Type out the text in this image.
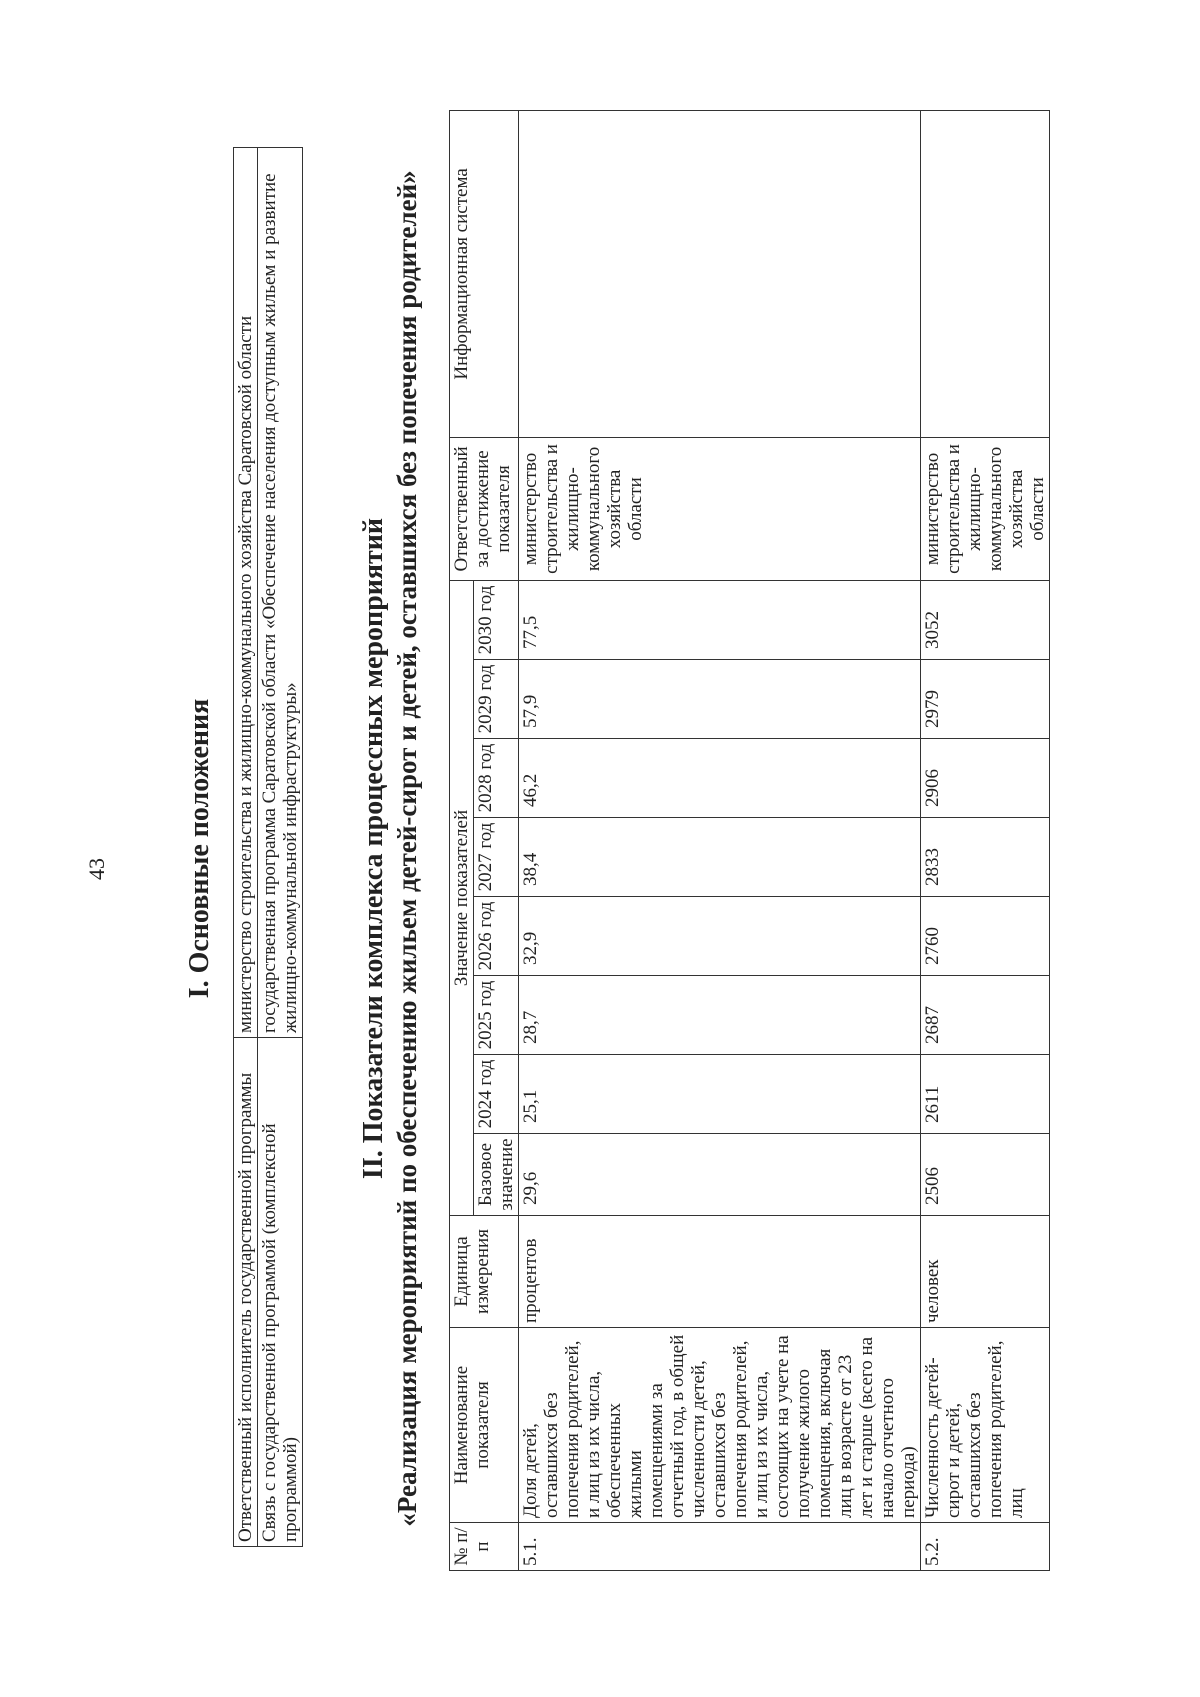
43	I. Основные положения
Ответственный исполнитель государственной программы	министерство строительства и жилищно-коммунального хозяйства Саратовской области
Связь с государственной программой (комплексной программой)	государственная программа Саратовской области «Обеспечение населения доступным жильем и развитие жилищно-коммунальной инфраструктуры» II. Показатели комплекса процессных мероприятий «Реализация мероприятий по обеспечению жильем детей-сирот и детей, оставшихся без попечения родителей»
№ п/п	Наименование показателя	Единица измерения	Значение показателей								Ответственный за достижение показателя	Информационная система
			Базовое значение	2024 год	2025 год	2026 год	2027 год	2028 год	2029 год	2030 год		
5.1.	Доля детей, оставшихся без попечения родителей, и лиц из их числа, обеспеченных жилыми помещениями за отчетный год, в общей численности детей, оставшихся без попечения родителей, и лиц из их числа, состоящих на учете на получение жилого помещения, включая лиц в возрасте от 23 лет и старше (всего на начало отчетного периода)	процентов	29,6	25,1	28,7	32,9	38,4	46,2	57,9	77,5	министерство строительства и жилищно-коммунального хозяйства области	
5.2.	Численность детей-сирот и детей, оставшихся без попечения родителей, лиц	человек	2506	2611	2687	2760	2833	2906	2979	3052	министерство строительства и жилищно-коммунального хозяйства области	
